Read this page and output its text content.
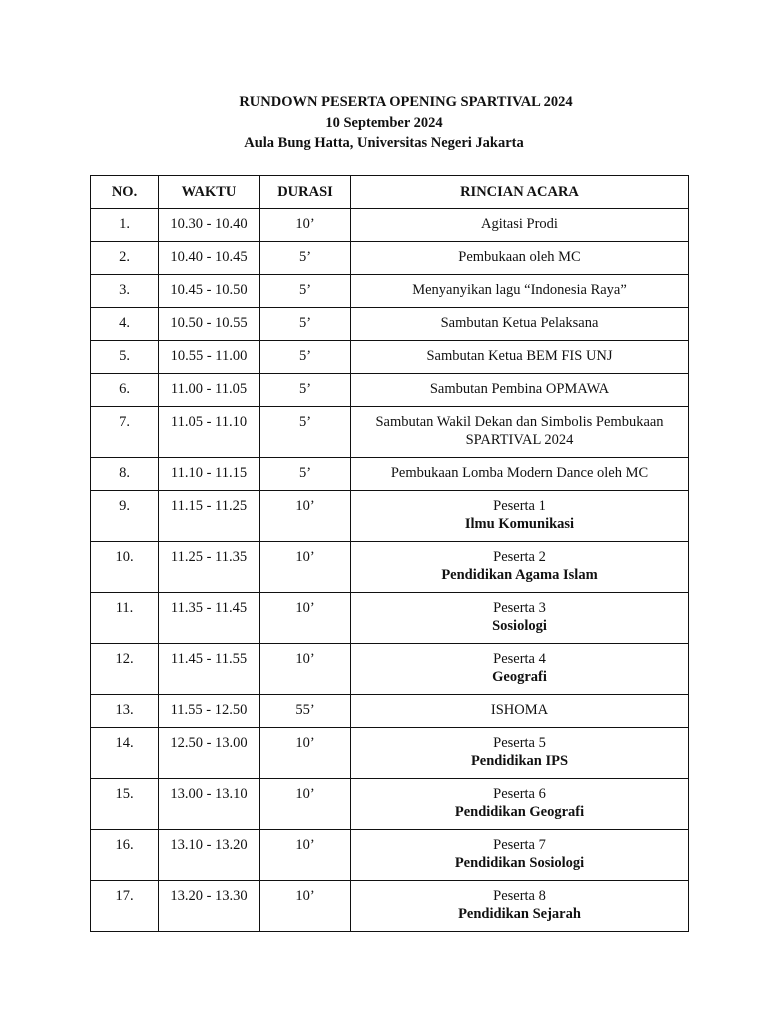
RUNDOWN PESERTA OPENING SPARTIVAL 2024
10 September 2024
Aula Bung Hatta, Universitas Negeri Jakarta
NO.	WAKTU	DURASI	RINCIAN ACARA
1.	10.30 - 10.40	10’	Agitasi Prodi

2.	10.40 - 10.45	5’	Pembukaan oleh MC

3.	10.45 - 10.50	5’	Menyanyikan lagu “Indonesia Raya”

4.	10.50 - 10.55	5’	Sambutan Ketua Pelaksana

5.	10.55 - 11.00	5’	Sambutan Ketua BEM FIS UNJ

6.	11.00 - 11.05	5’	Sambutan Pembina OPMAWA

7.	11.05 - 11.10	5’	Sambutan Wakil Dekan dan Simbolis Pembukaan SPARTIVAL 2024

8.	11.10 - 11.15	5’	Pembukaan Lomba Modern Dance oleh MC

9.	11.15 - 11.25	10’	Peserta 1
Ilmu Komunikasi

10.	11.25 - 11.35	10’	Peserta 2
Pendidikan Agama Islam

11.	11.35 - 11.45	10’	Peserta 3
Sosiologi

12.	11.45 - 11.55	10’	Peserta 4
Geografi

13.	11.55 - 12.50	55’	ISHOMA

14.	12.50 - 13.00	10’	Peserta 5
Pendidikan IPS

15.	13.00 - 13.10	10’	Peserta 6
Pendidikan Geografi

16.	13.10 - 13.20	10’	Peserta 7
Pendidikan Sosiologi

17.	13.20 - 13.30	10’	Peserta 8
Pendidikan Sejarah
